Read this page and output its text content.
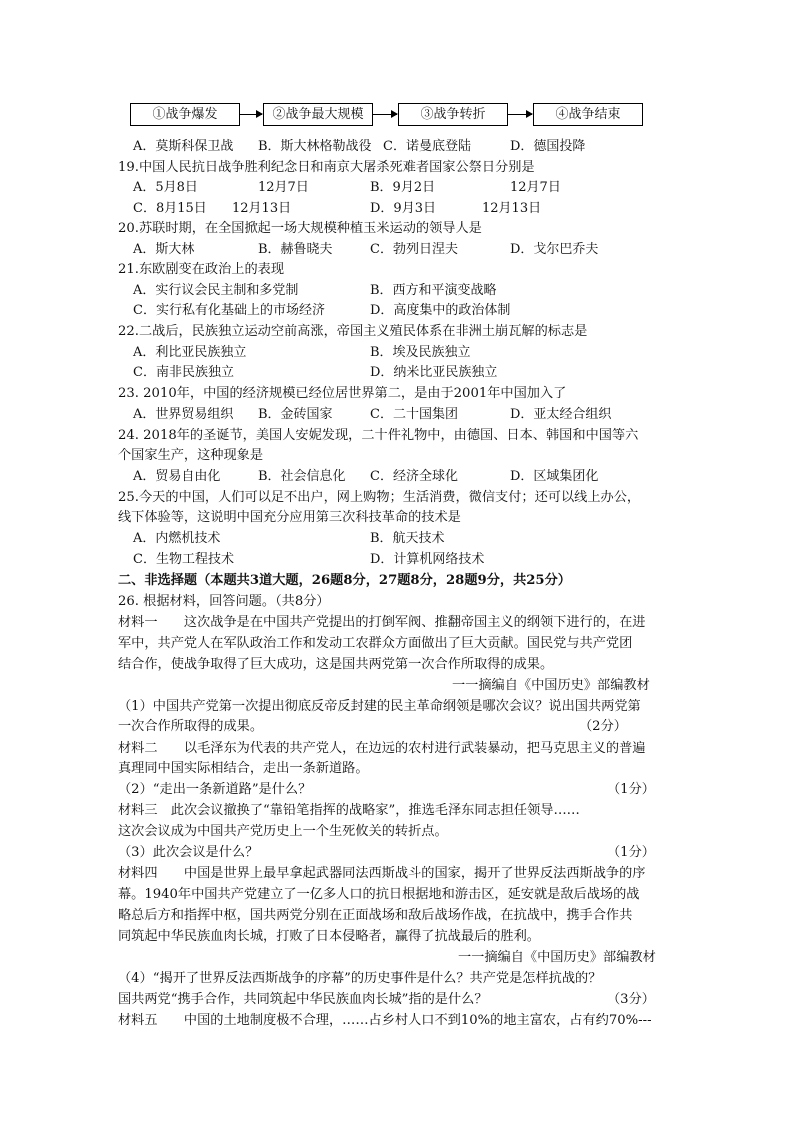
①战争爆发	②战争最大规模	③战争转折	④战争结束
A．莫斯科保卫战 B．斯大林格勒战役 C．诺曼底登陆	D．德国投降
19.中国人民抗日战争胜利纪念日和南京大屠杀死难者国家公祭日分别是
A．5月8日	12月7日	B．9月2日	12月7日
C．8月15日 12月13日	D．9月3日	12月13日
20.苏联时期，在全国掀起一场大规模种植玉米运动的领导人是
A．斯大林	B．赫鲁晓夫	C．勃列日涅夫	D．戈尔巴乔夫
21.东欧剧变在政治上的表现
A．实行议会民主制和多党制	B．西方和平演变战略
C．实行私有化基础上的市场经济	D．高度集中的政治体制
22.二战后，民族独立运动空前高涨，帝国主义殖民体系在非洲土崩瓦解的标志是
A．利比亚民族独立	B．埃及民族独立
C．南非民族独立	D．纳米比亚民族独立
23. 2010年，中国的经济规模已经位居世界第二，是由于2001年中国加入了
A．世界贸易组织 B．金砖国家	C．二十国集团	D．亚太经合组织
24. 2018年的圣诞节，美国人安妮发现，二十件礼物中，由德国、日本、韩国和中国等六
个国家生产，这种现象是
A．贸易自由化	B．社会信息化 C．经济全球化	D．区域集团化
25.今天的中国，人们可以足不出户，网上购物；生活消费，微信支付；还可以线上办公，
线下体验等，这说明中国充分应用第三次科技革命的技术是
A．内燃机技术	B．航天技术
C．生物工程技术	D．计算机网络技术
二、非选择题（本题共3道大题，26题8分，27题8分，28题9分，共25分）
26. 根据材料，回答问题。（共8分）
材料一　　这次战争是在中国共产党提出的打倒军阀、推翻帝国主义的纲领下进行的，在进
军中，共产党人在军队政治工作和发动工农群众方面做出了巨大贡献。国民党与共产党团
结合作，使战争取得了巨大成功，这是国共两党第一次合作所取得的成果。
一一摘编自《中国历史》部编教材
（1）中国共产党第一次提出彻底反帝反封建的民主革命纲领是哪次会议？说出国共两党第
一次合作所取得的成果。	（2分）
材料二　　以毛泽东为代表的共产党人，在边远的农村进行武装暴动，把马克思主义的普遍
真理同中国实际相结合，走出一条新道路。
（2）“走出一条新道路”是什么？	（1分）
材料三　此次会议撤换了“靠铅笔指挥的战略家”，推选毛泽东同志担任领导……
这次会议成为中国共产党历史上一个生死攸关的转折点。
（3）此次会议是什么？	（1分）
材料四　　中国是世界上最早拿起武器同法西斯战斗的国家，揭开了世界反法西斯战争的序
幕。1940年中国共产党建立了一亿多人口的抗日根据地和游击区，延安就是敌后战场的战
略总后方和指挥中枢，国共两党分别在正面战场和敌后战场作战，在抗战中，携手合作共
同筑起中华民族血肉长城，打败了日本侵略者，赢得了抗战最后的胜利。
一一摘编自《中国历史》部编教材
（4）“揭开了世界反法西斯战争的序幕”的历史事件是什么？共产党是怎样抗战的？
国共两党“携手合作，共同筑起中华民族血肉长城”指的是什么？	（3分）
材料五　　中国的土地制度极不合理，……占乡村人口不到10%的地主富农，占有约70%---
